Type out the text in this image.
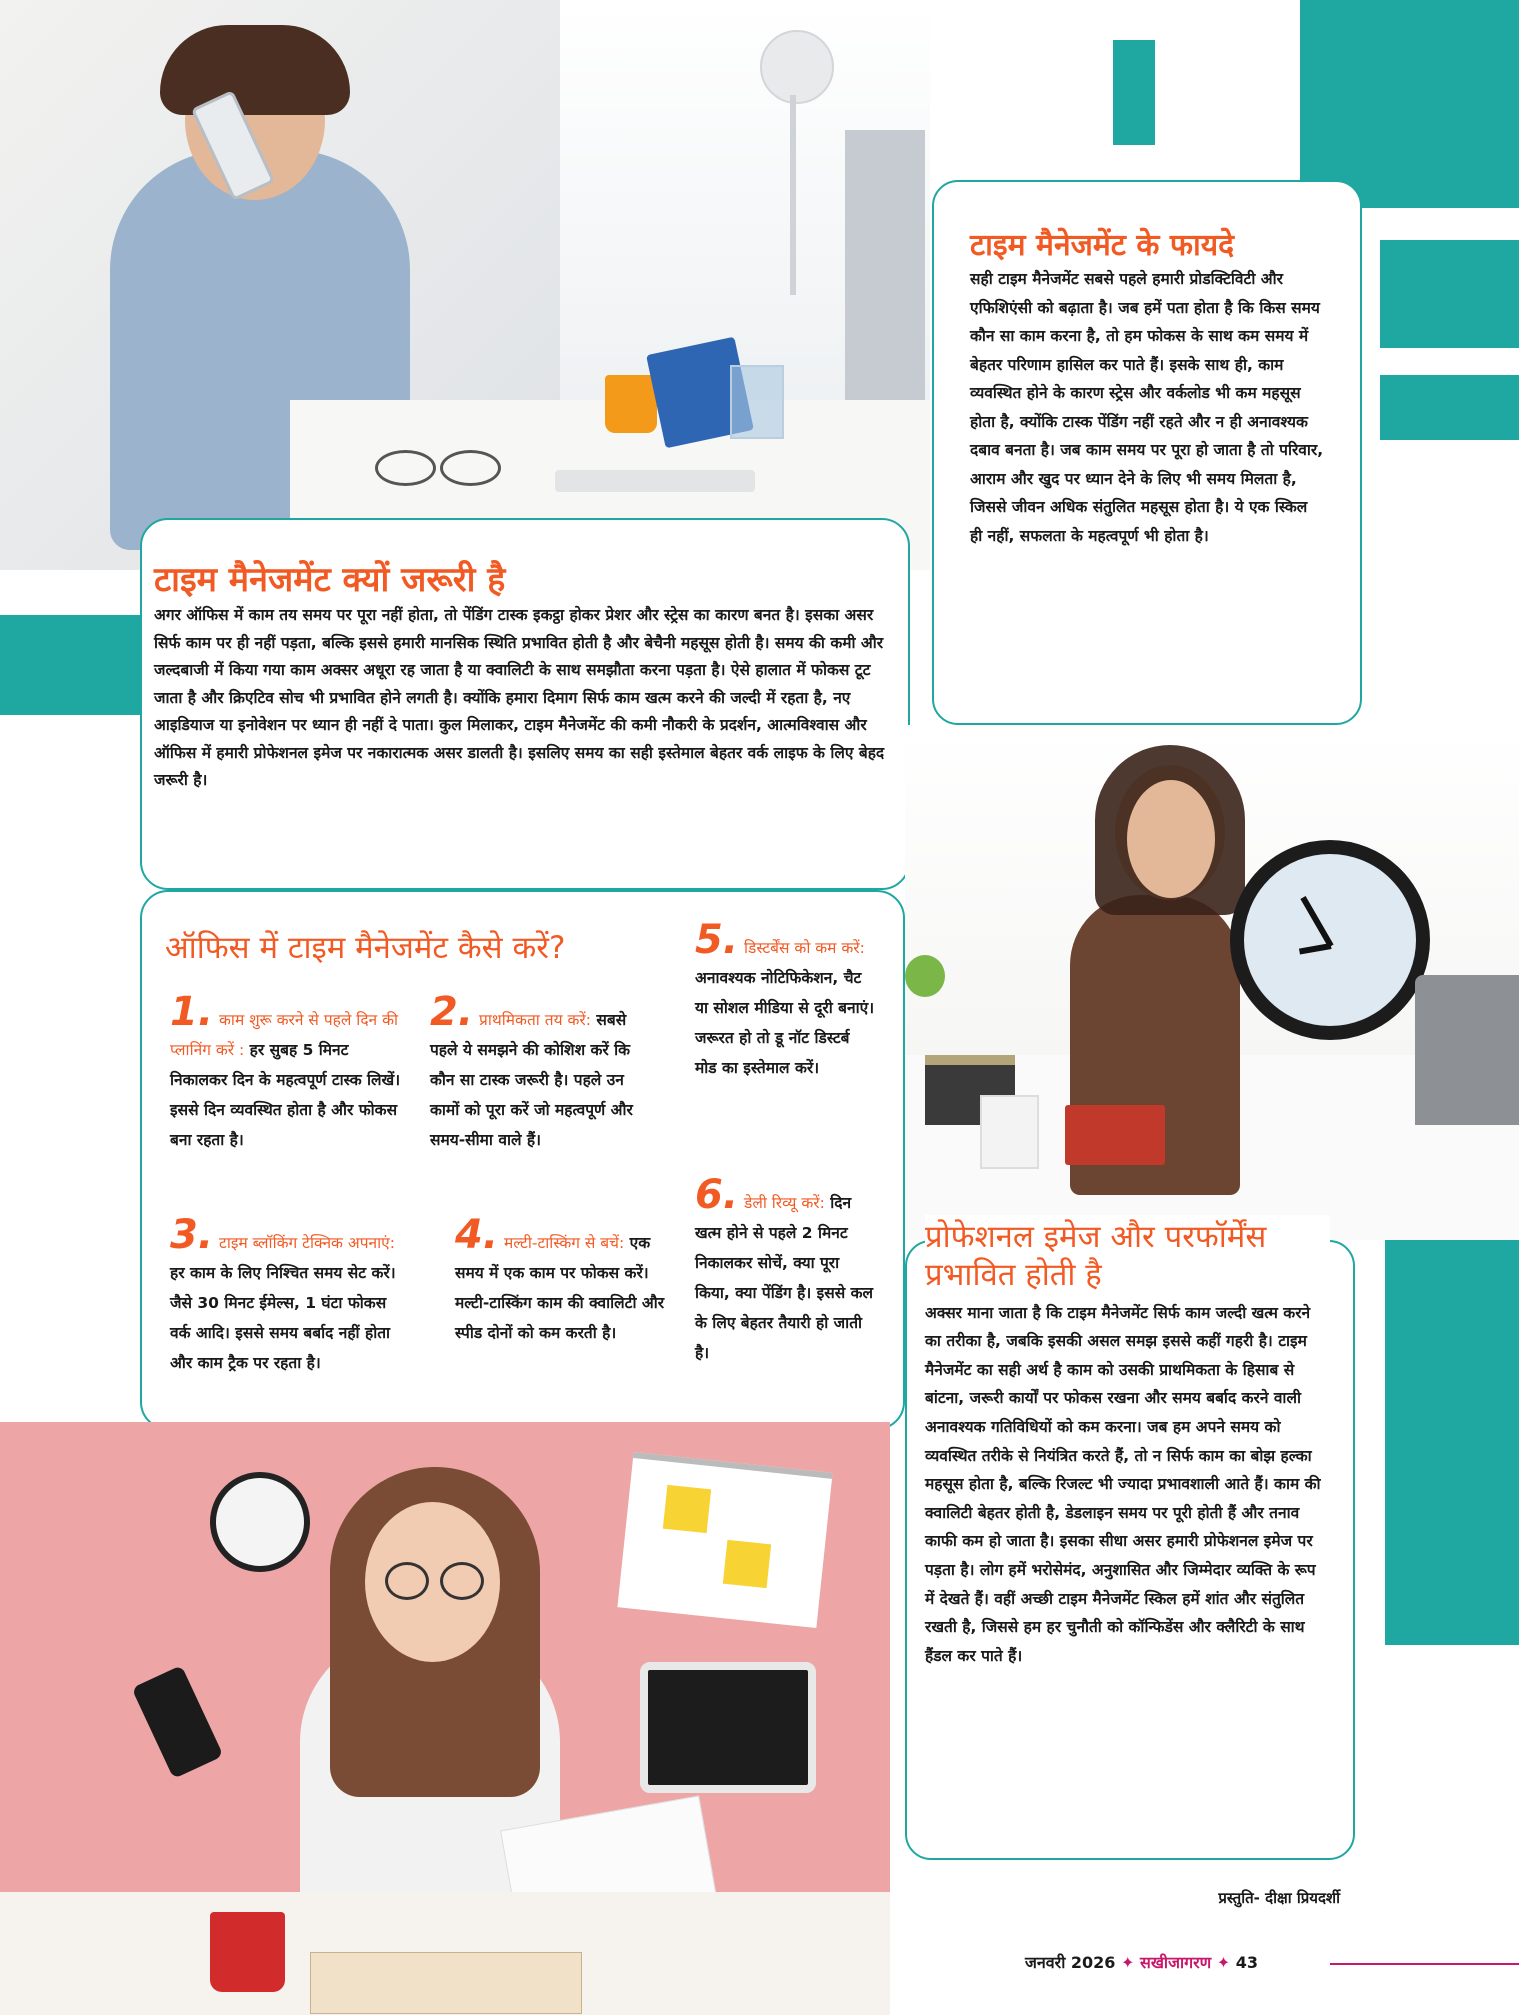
टाइम मैनेजमेंट के फायदे

सही टाइम मैनेजमेंट सबसे पहले हमारी प्रोडक्टिविटी और एफिशिएंसी को बढ़ाता है। जब हमें पता होता है कि किस समय कौन सा काम करना है, तो हम फोकस के साथ कम समय में बेहतर परिणाम हासिल कर पाते हैं। इसके साथ ही, काम व्यवस्थित होने के कारण स्ट्रेस और वर्कलोड भी कम महसूस होता है, क्योंकि टास्क पेंडिंग नहीं रहते और न ही अनावश्यक दबाव बनता है। जब काम समय पर पूरा हो जाता है तो परिवार, आराम और खुद पर ध्यान देने के लिए भी समय मिलता है, जिससे जीवन अधिक संतुलित महसूस होता है। ये एक स्किल ही नहीं, सफलता के महत्वपूर्ण भी होता है।

टाइम मैनेजमेंट क्यों जरूरी है

अगर ऑफिस में काम तय समय पर पूरा नहीं होता, तो पेंडिंग टास्क इकट्ठा होकर प्रेशर और स्ट्रेस का कारण बनत है। इसका असर सिर्फ काम पर ही नहीं पड़ता, बल्कि इससे हमारी मानसिक स्थिति प्रभावित होती है और बेचैनी महसूस होती है। समय की कमी और जल्दबाजी में किया गया काम अक्सर अधूरा रह जाता है या क्वालिटी के साथ समझौता करना पड़ता है। ऐसे हालात में फोकस टूट जाता है और क्रिएटिव सोच भी प्रभावित होने लगती है। क्योंकि हमारा दिमाग सिर्फ काम खत्म करने की जल्दी में रहता है, नए आइडियाज या इनोवेशन पर ध्यान ही नहीं दे पाता। कुल मिलाकर, टाइम मैनेजमेंट की कमी नौकरी के प्रदर्शन, आत्मविश्वास और ऑफिस में हमारी प्रोफेशनल इमेज पर नकारात्मक असर डालती है। इसलिए समय का सही इस्तेमाल बेहतर वर्क लाइफ के लिए बेहद जरूरी है।

ऑफिस में टाइम मैनेजमेंट कैसे करें?
1. काम शुरू करने से पहले दिन की प्लानिंग करें : हर सुबह 5 मिनट निकालकर दिन के महत्वपूर्ण टास्क लिखें। इससे दिन व्यवस्थित होता है और फोकस बना रहता है।
2. प्राथमिकता तय करें: सबसे पहले ये समझने की कोशिश करें कि कौन सा टास्क जरूरी है। पहले उन कामों को पूरा करें जो महत्वपूर्ण और समय-सीमा वाले हैं।
3. टाइम ब्लॉकिंग टेक्निक अपनाएं: हर काम के लिए निश्चित समय सेट करें। जैसे 30 मिनट ईमेल्स, 1 घंटा फोकस वर्क आदि। इससे समय बर्बाद नहीं होता और काम ट्रैक पर रहता है।
4. मल्टी-टास्किंग से बचें: एक समय में एक काम पर फोकस करें। मल्टी-टास्किंग काम की क्वालिटी और स्पीड दोनों को कम करती है।
5. डिस्टर्बेंस को कम करें: अनावश्यक नोटिफिकेशन, चैट या सोशल मीडिया से दूरी बनाएं। जरूरत हो तो डू नॉट डिस्टर्ब मोड का इस्तेमाल करें।
6. डेली रिव्यू करें: दिन खत्म होने से पहले 2 मिनट निकालकर सोचें, क्या पूरा किया, क्या पेंडिंग है। इससे कल के लिए बेहतर तैयारी हो जाती है।
प्रोफेशनल इमेज और परफॉर्मेंस प्रभावित होती है

अक्सर माना जाता है कि टाइम मैनेजमेंट सिर्फ काम जल्दी खत्म करने का तरीका है, जबकि इसकी असल समझ इससे कहीं गहरी है। टाइम मैनेजमेंट का सही अर्थ है काम को उसकी प्राथमिकता के हिसाब से बांटना, जरूरी कार्यों पर फोकस रखना और समय बर्बाद करने वाली अनावश्यक गतिविधियों को कम करना। जब हम अपने समय को व्यवस्थित तरीके से नियंत्रित करते हैं, तो न सिर्फ काम का बोझ हल्का महसूस होता है, बल्कि रिजल्ट भी ज्यादा प्रभावशाली आते हैं। काम की क्वालिटी बेहतर होती है, डेडलाइन समय पर पूरी होती हैं और तनाव काफी कम हो जाता है। इसका सीधा असर हमारी प्रोफेशनल इमेज पर पड़ता है। लोग हमें भरोसेमंद, अनुशासित और जिम्मेदार व्यक्ति के रूप में देखते हैं। वहीं अच्छी टाइम मैनेजमेंट स्किल हमें शांत और संतुलित रखती है, जिससे हम हर चुनौती को कॉन्फिडेंस और क्लैरिटी के साथ हैंडल कर पाते हैं।

प्रस्तुति- दीक्षा प्रियदर्शी
जनवरी 2026 ✦ सखीजागरण ✦ 43
